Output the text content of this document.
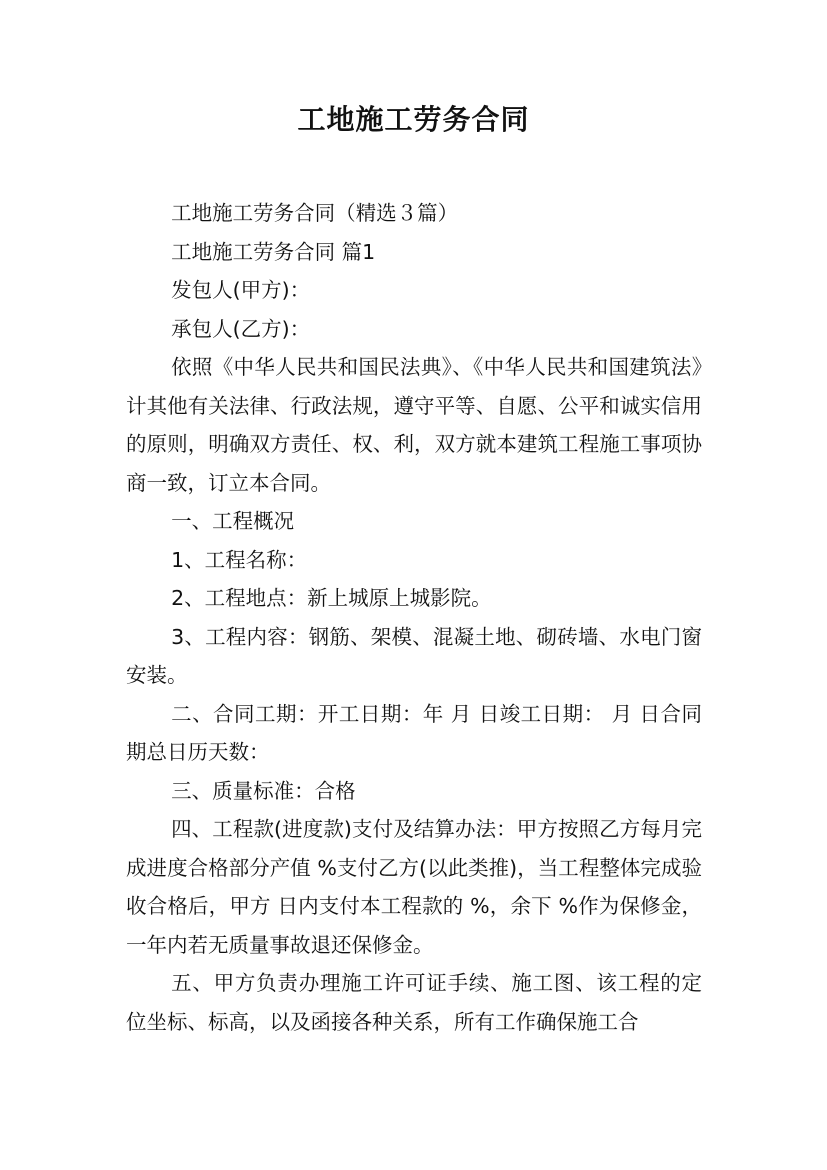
工地施工劳务合同

工地施工劳务合同（精选３篇）

工地施工劳务合同 篇1

发包人(甲方)：

承包人(乙方)：

依照《中华人民共和国民法典》、《中华人民共和国建筑法》计其他有关法律、行政法规，遵守平等、自愿、公平和诚实信用的原则，明确双方责任、权、利，双方就本建筑工程施工事项协商一致，订立本合同。

一、工程概况

1、工程名称：

2、工程地点：新上城原上城影院。

3、工程内容：钢筋、架模、混凝土地、砌砖墙、水电门窗安装。

二、合同工期：开工日期：年 月 日竣工日期： 月 日合同期总日历天数：

三、质量标准：合格

四、工程款(进度款)支付及结算办法：甲方按照乙方每月完成进度合格部分产值 %支付乙方(以此类推)，当工程整体完成验收合格后，甲方 日内支付本工程款的 %，余下 %作为保修金，一年内若无质量事故退还保修金。

五、甲方负责办理施工许可证手续、施工图、该工程的定位坐标、标高，以及函接各种关系，所有工作确保施工合
